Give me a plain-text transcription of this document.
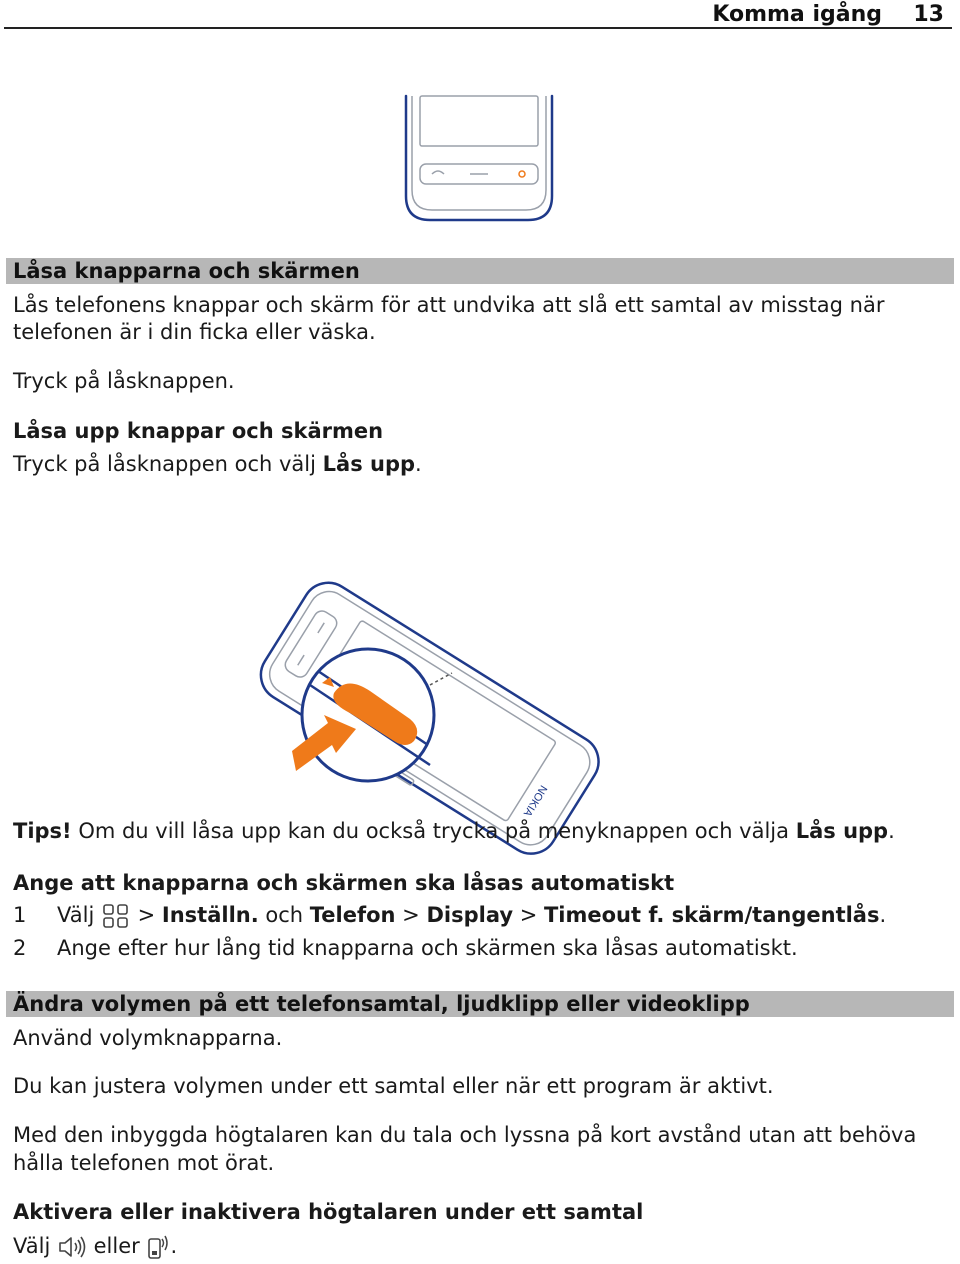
Komma igång 13
Låsa knapparna och skärmen
Lås telefonens knappar och skärm för att undvika att slå ett samtal av misstag när
telefonen är i din ficka eller väska.
Tryck på låsknappen.
Låsa upp knappar och skärmen
Tryck på låsknappen och välj Lås upp.
NOKIA
Tips! Om du vill låsa upp kan du också trycka på menyknappen och välja Lås upp.
Ange att knapparna och skärmen ska låsas automatiskt
1 Välj  > Inställn. och Telefon > Display > Timeout f. skärm/tangentlås.
2 Ange efter hur lång tid knapparna och skärmen ska låsas automatiskt.
Ändra volymen på ett telefonsamtal, ljudklipp eller videoklipp
Använd volymknapparna.
Du kan justera volymen under ett samtal eller när ett program är aktivt.
Med den inbyggda högtalaren kan du tala och lyssna på kort avstånd utan att behöva
hålla telefonen mot örat.
Aktivera eller inaktivera högtalaren under ett samtal
Välj  eller .
